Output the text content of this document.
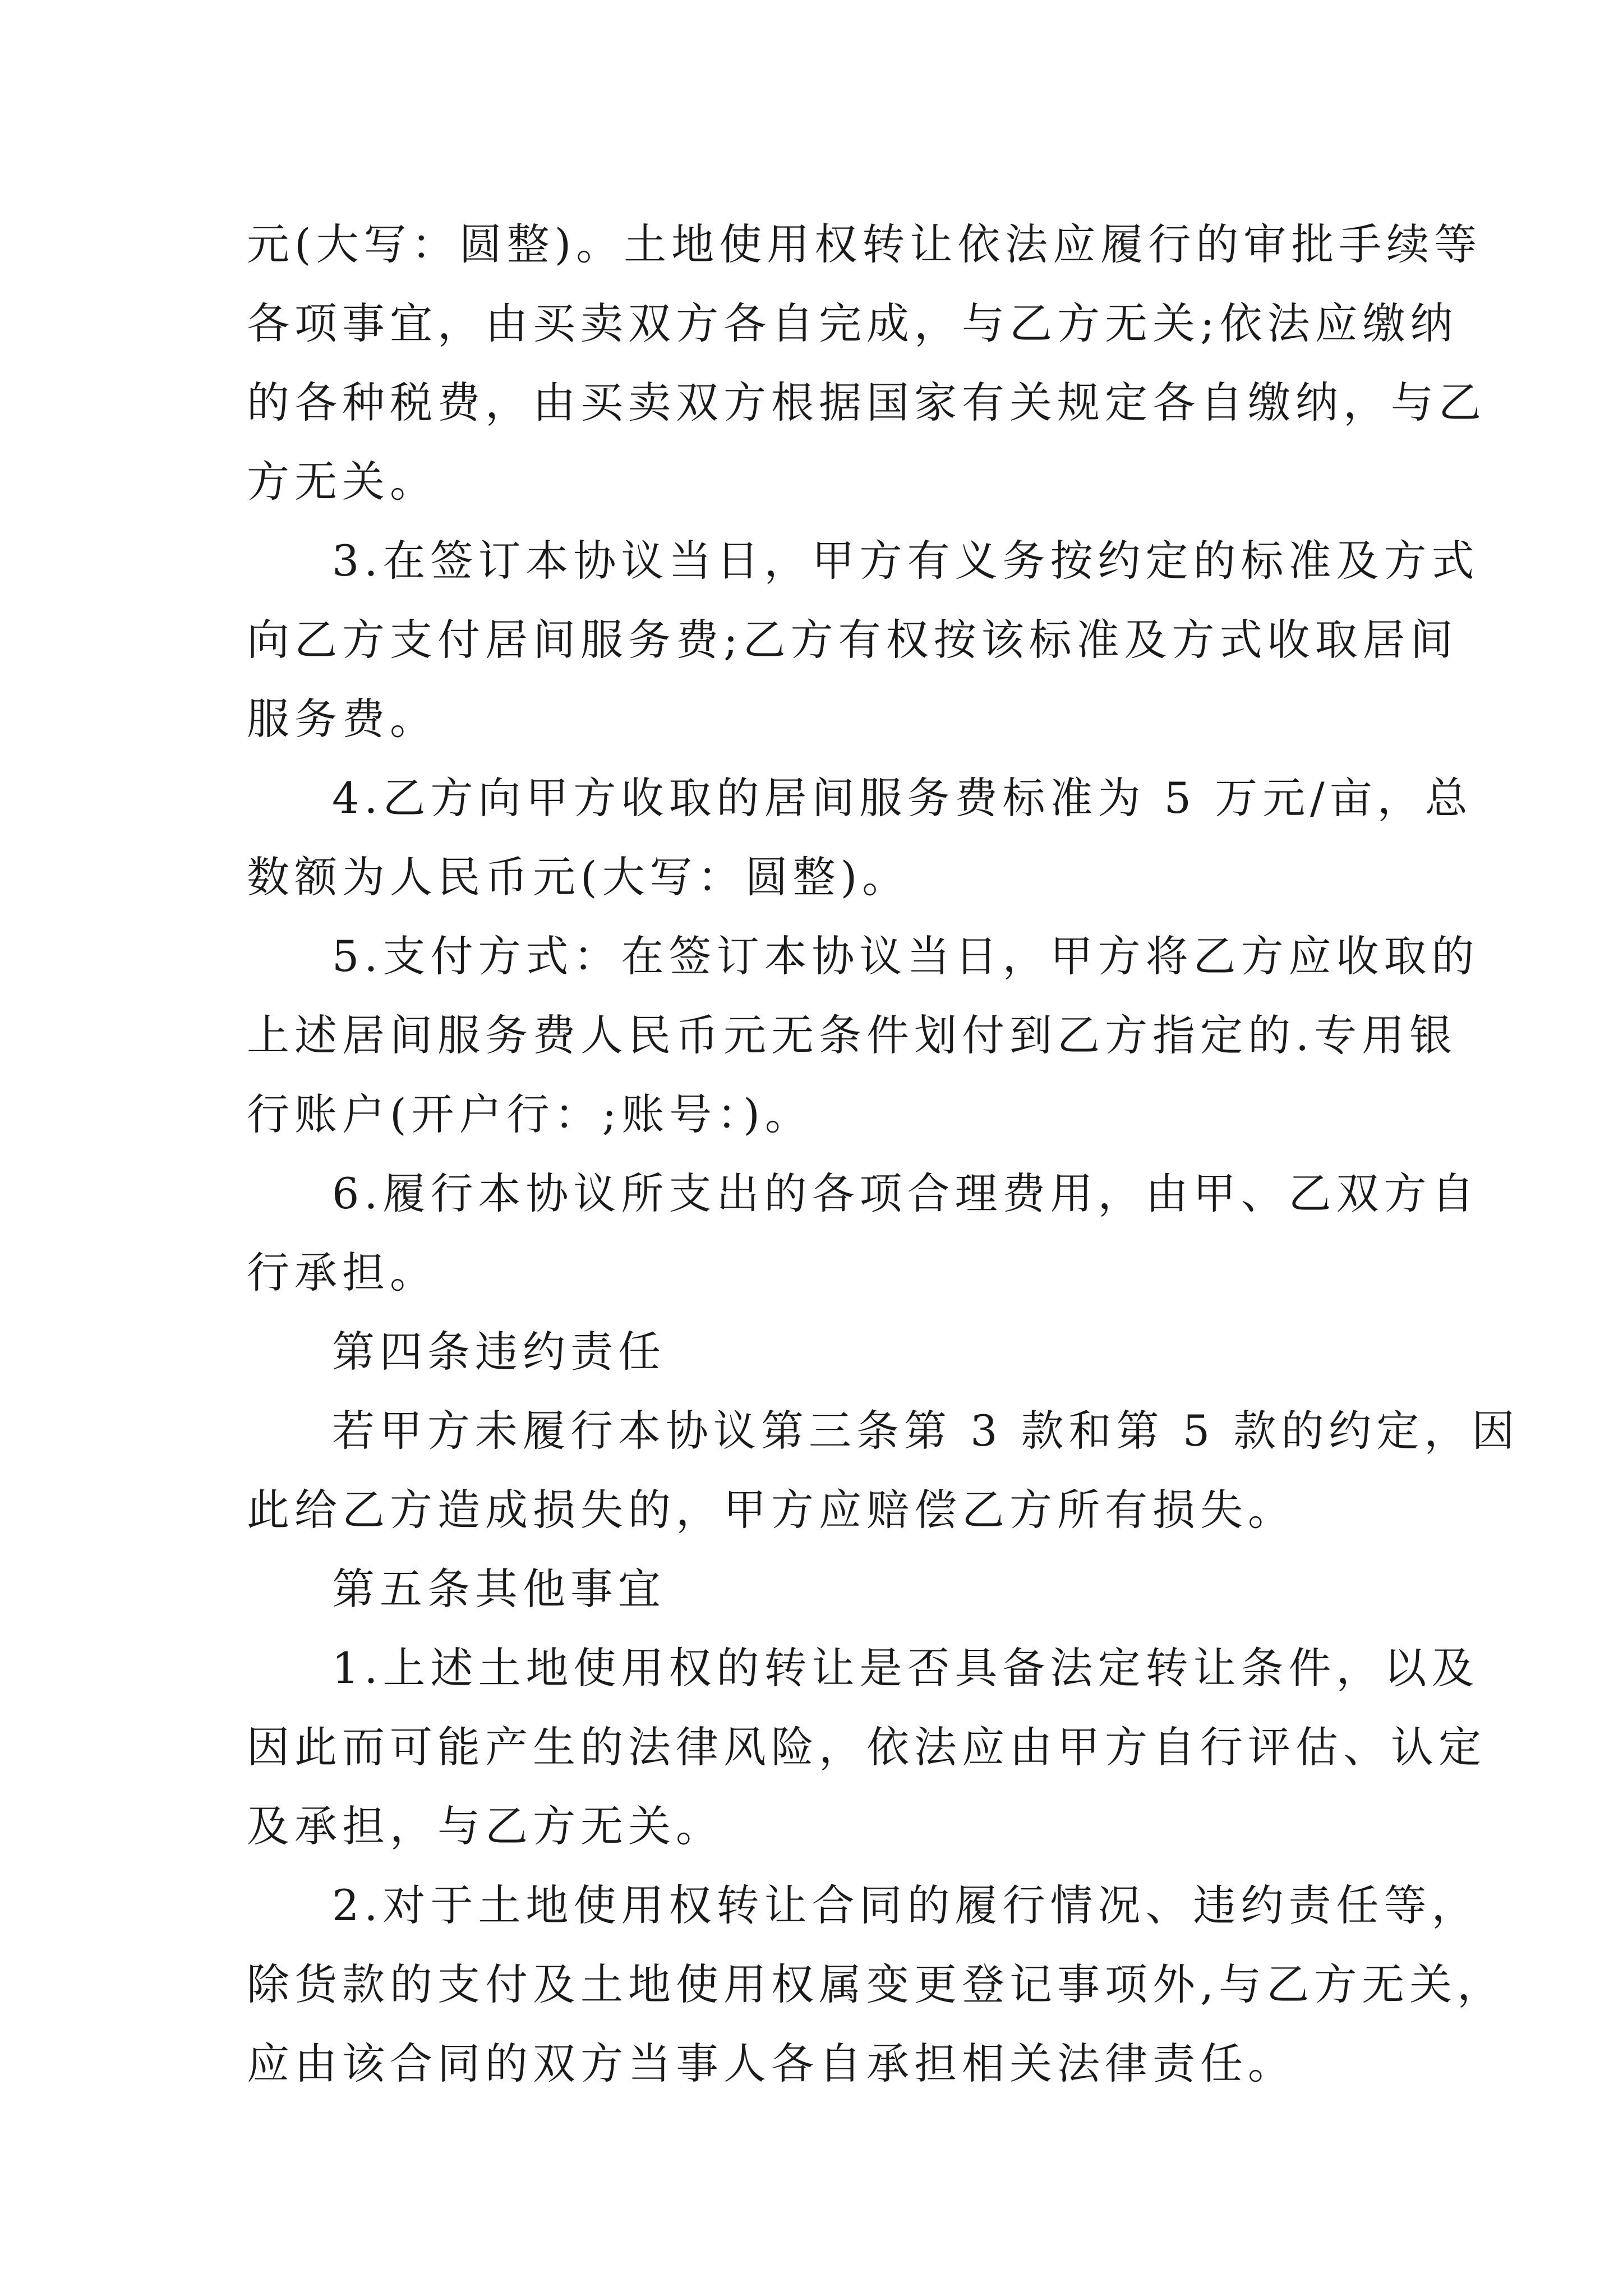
元(大写：圆整)。土地使用权转让依法应履行的审批手续等
各项事宜，由买卖双方各自完成，与乙方无关;依法应缴纳
的各种税费，由买卖双方根据国家有关规定各自缴纳，与乙
方无关。
3.在签订本协议当日，甲方有义务按约定的标准及方式
向乙方支付居间服务费;乙方有权按该标准及方式收取居间
服务费。
4.乙方向甲方收取的居间服务费标准为 5 万元/亩，总
数额为人民币元(大写：圆整)。
5.支付方式：在签订本协议当日，甲方将乙方应收取的
上述居间服务费人民币元无条件划付到乙方指定的.专用银
行账户(开户行：;账号：)。
6.履行本协议所支出的各项合理费用，由甲、乙双方自
行承担。
第四条违约责任
若甲方未履行本协议第三条第 3 款和第 5 款的约定，因
此给乙方造成损失的，甲方应赔偿乙方所有损失。
第五条其他事宜
1.上述土地使用权的转让是否具备法定转让条件，以及
因此而可能产生的法律风险，依法应由甲方自行评估、认定
及承担，与乙方无关。
2.对于土地使用权转让合同的履行情况、违约责任等，
除货款的支付及土地使用权属变更登记事项外,与乙方无关，
应由该合同的双方当事人各自承担相关法律责任。
